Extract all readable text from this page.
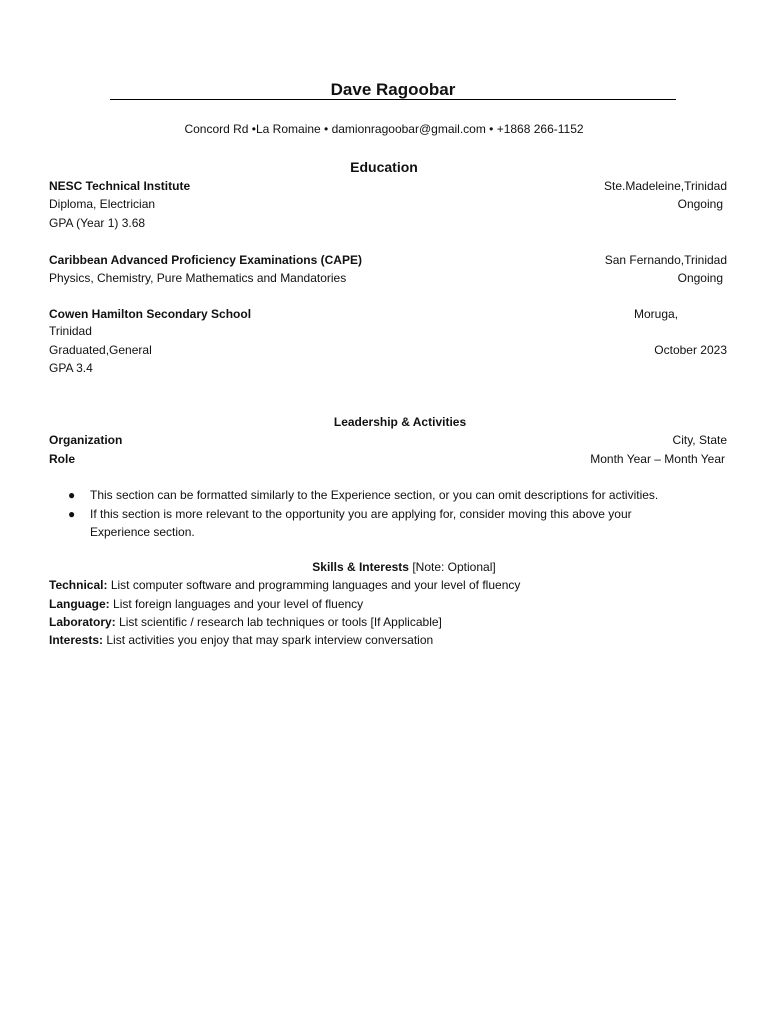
Dave Ragoobar
Concord Rd •La Romaine • damionragoobar@gmail.com • +1868 266-1152
Education
NESC Technical Institute	Ste.Madeleine,Trinidad
Diploma, Electrician	Ongoing
GPA (Year 1) 3.68
Caribbean Advanced Proficiency Examinations (CAPE)	San Fernando,Trinidad
Physics, Chemistry, Pure Mathematics and Mandatories	Ongoing
Cowen Hamilton Secondary School	Moruga,
Trinidad
Graduated,General	October 2023
GPA 3.4
Leadership & Activities
Organization	City, State
Role	Month Year – Month Year
● This section can be formatted similarly to the Experience section, or you can omit descriptions for activities.
● If this section is more relevant to the opportunity you are applying for, consider moving this above your Experience section.
Skills & Interests [Note: Optional]
Technical: List computer software and programming languages and your level of fluency
Language: List foreign languages and your level of fluency
Laboratory: List scientific / research lab techniques or tools [If Applicable]
Interests: List activities you enjoy that may spark interview conversation
